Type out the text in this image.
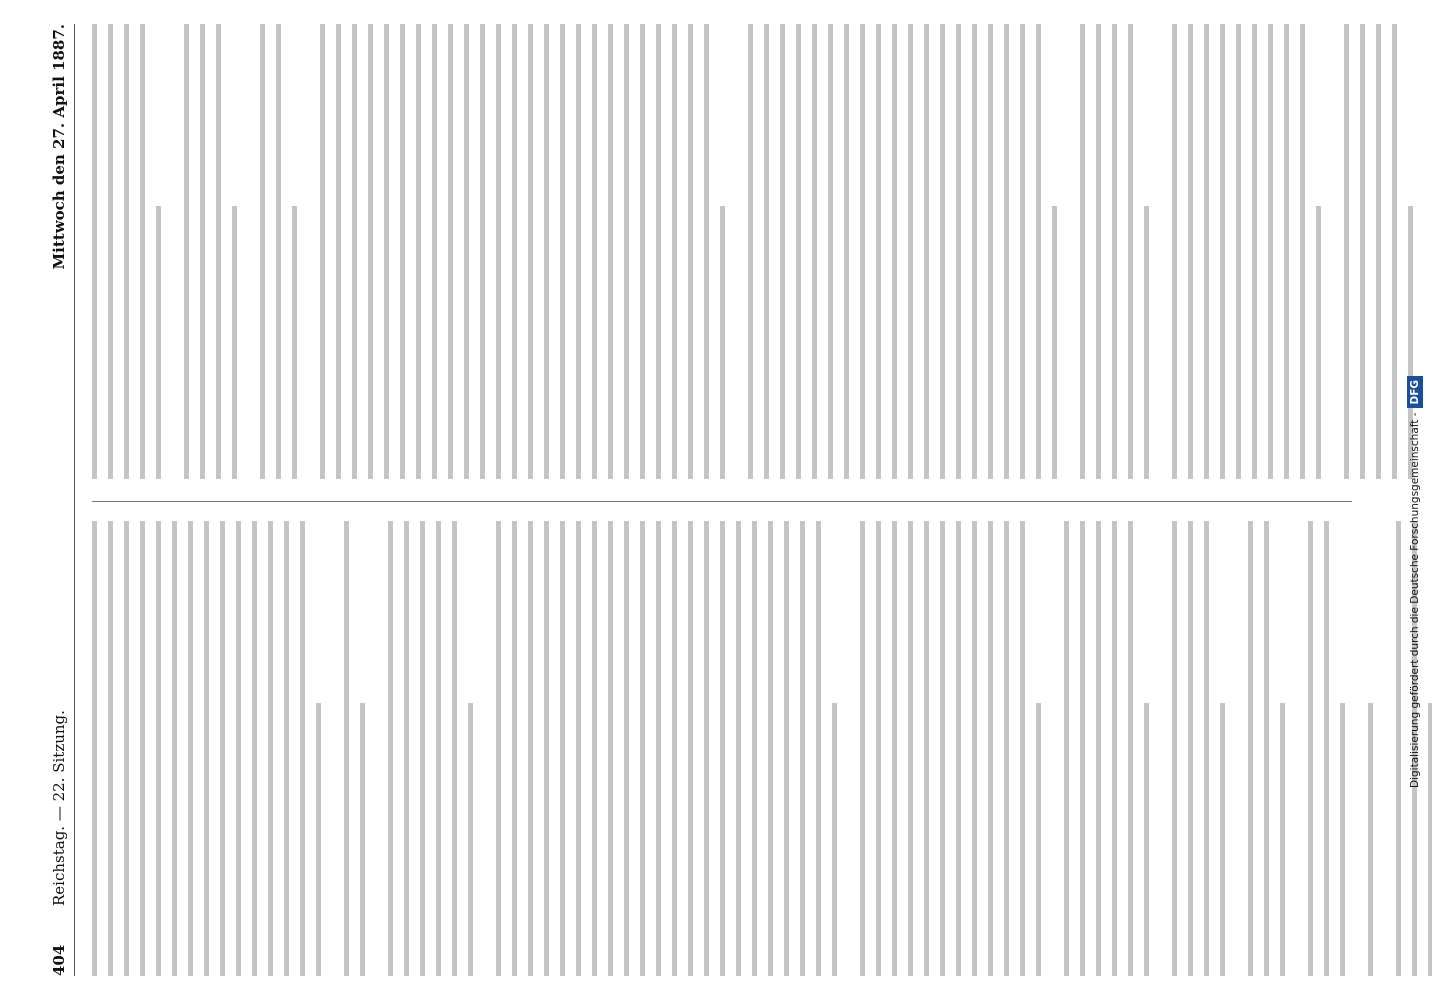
404
Reichstag. — 22. Sitzung.
Mittwoch den 27. April 1887.
Digitalisierung gefördert durch die Deutsche Forschungsgemeinschaft -DFG
